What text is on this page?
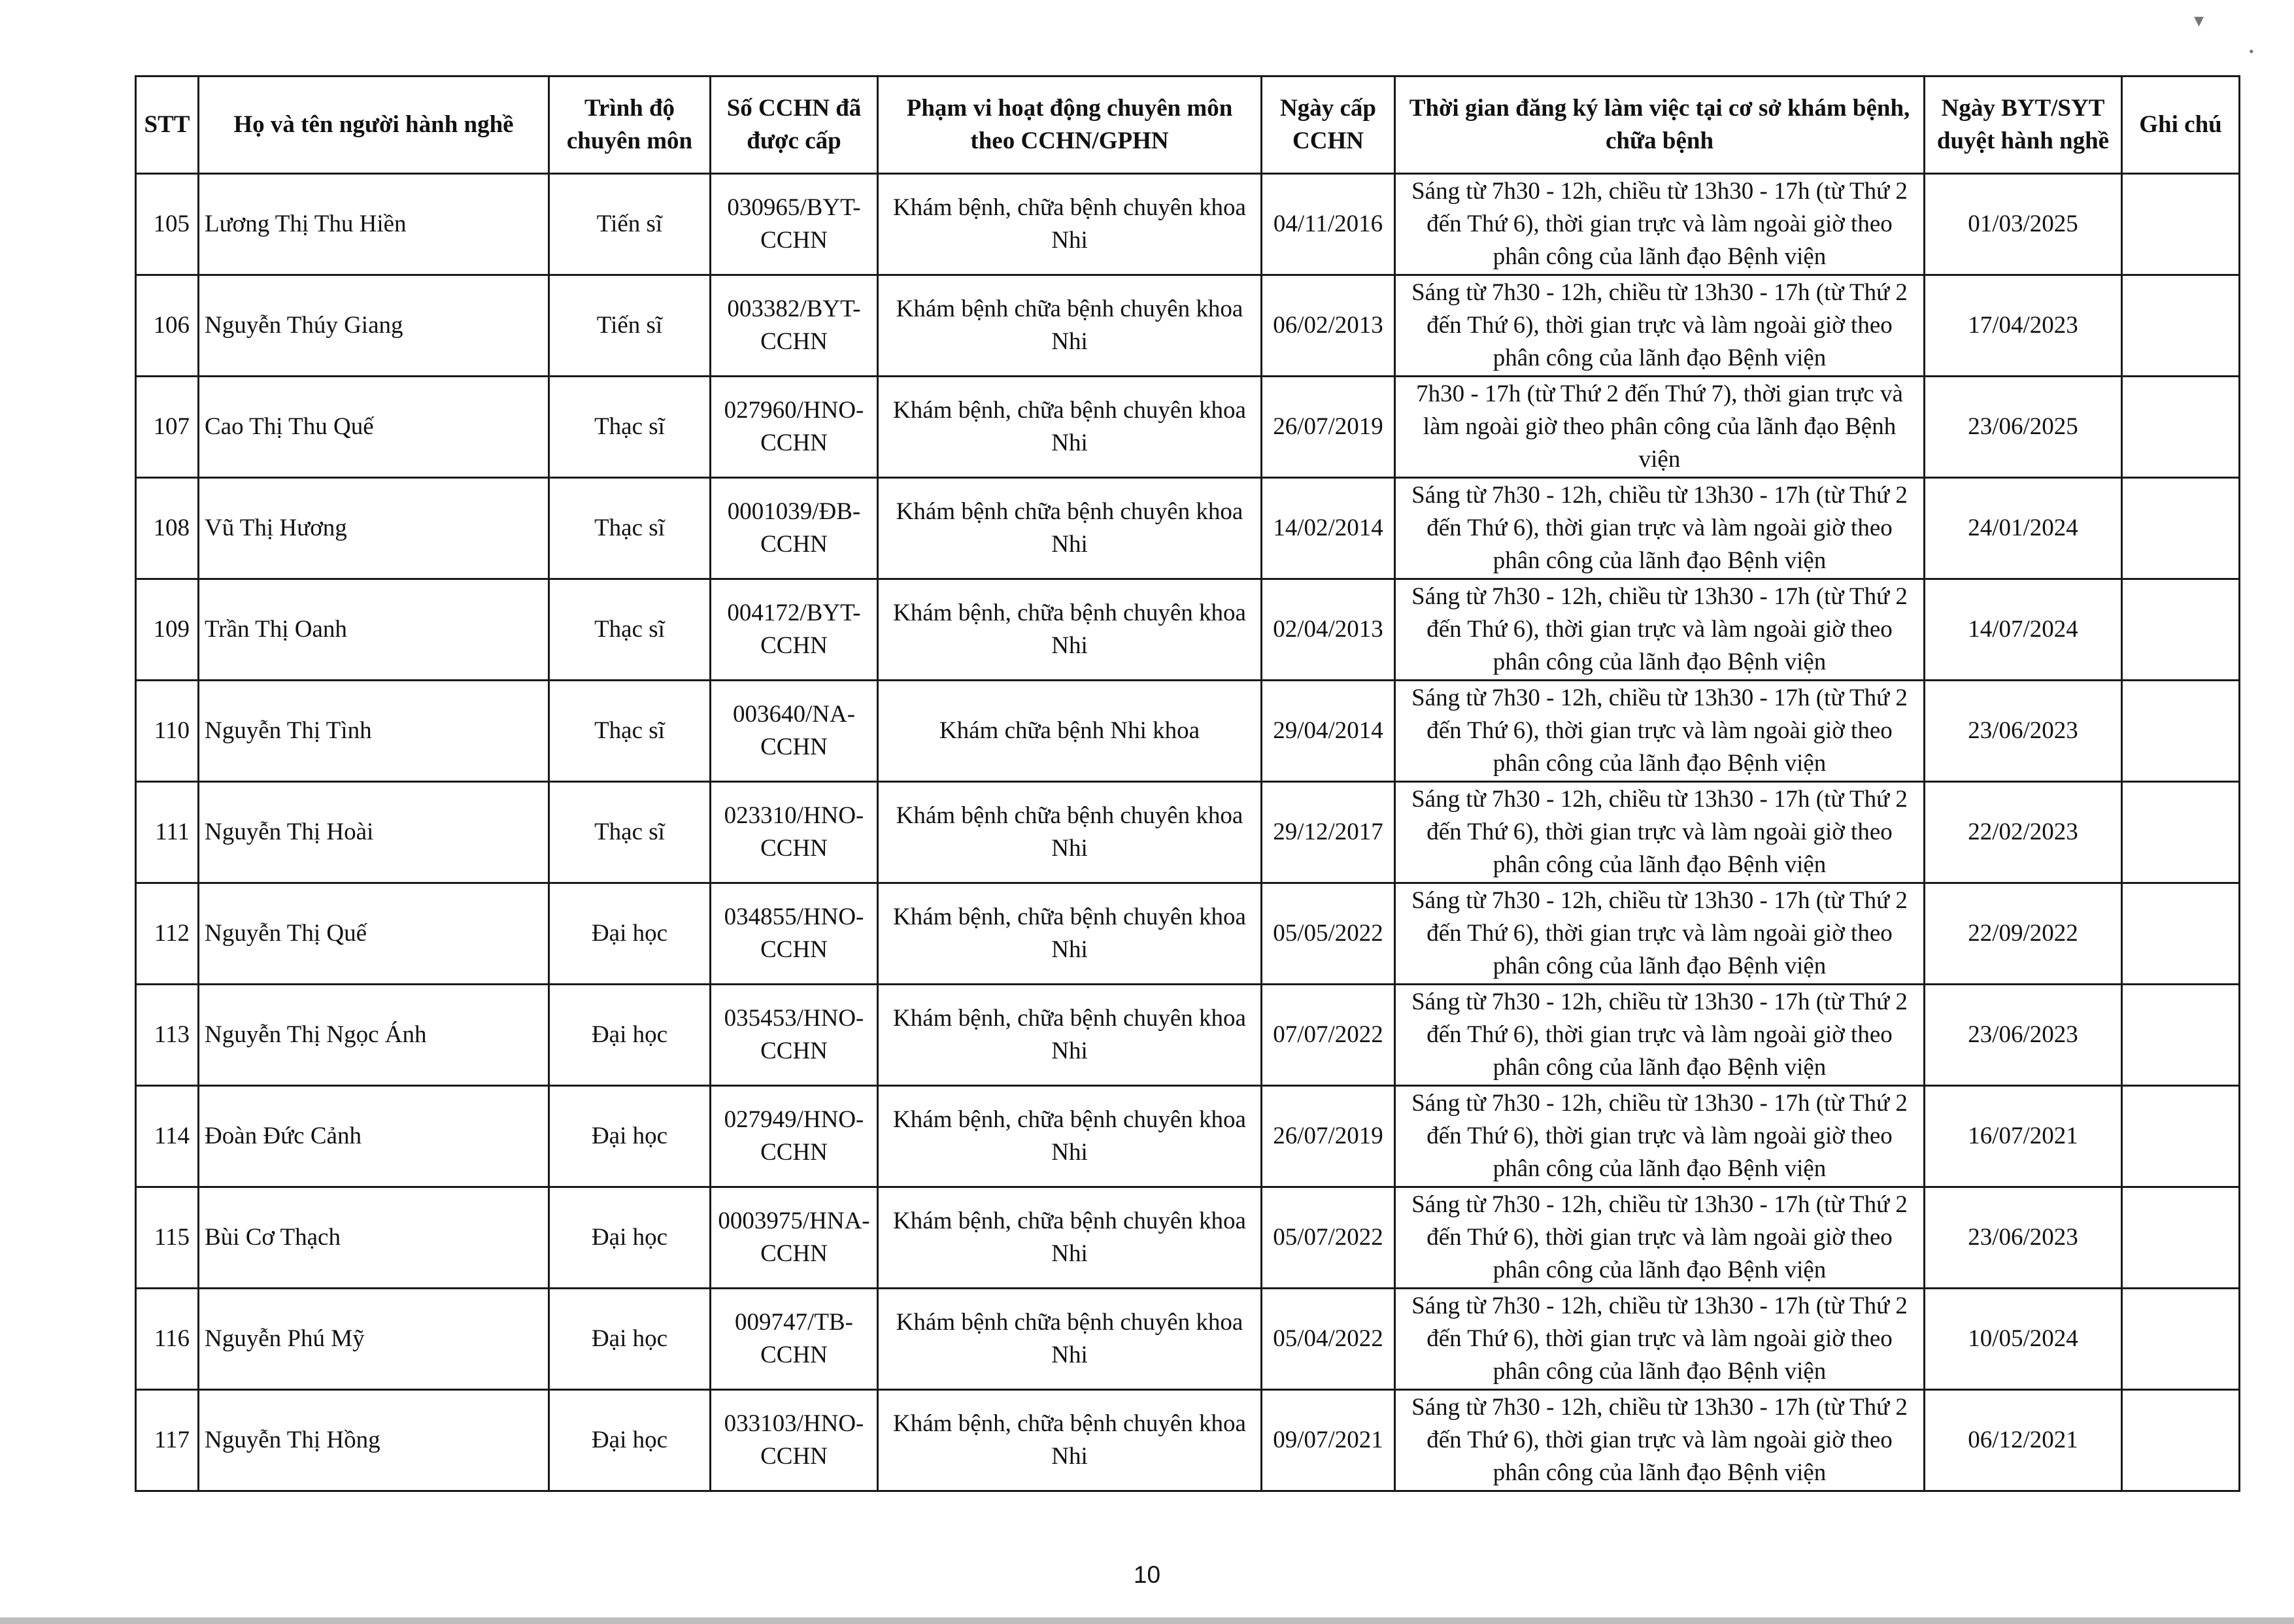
▾
•
STT	Họ và tên người hành nghề	Trình độ chuyên môn	Số CCHN đã được cấp	Phạm vi hoạt động chuyên môn theo CCHN/GPHN	Ngày cấp CCHN	Thời gian đăng ký làm việc tại cơ sở khám bệnh, chữa bệnh	Ngày BYT/SYT duyệt hành nghề	Ghi chú
105	Lương Thị Thu Hiền	Tiến sĩ	030965/BYT-CCHN	Khám bệnh, chữa bệnh chuyên khoa Nhi	04/11/2016	Sáng từ 7h30 - 12h, chiều từ 13h30 - 17h (từ Thứ 2 đến Thứ 6), thời gian trực và làm ngoài giờ theo phân công của lãnh đạo Bệnh viện	01/03/2025	
106	Nguyễn Thúy Giang	Tiến sĩ	003382/BYT-CCHN	Khám bệnh chữa bệnh chuyên khoa Nhi	06/02/2013	Sáng từ 7h30 - 12h, chiều từ 13h30 - 17h (từ Thứ 2 đến Thứ 6), thời gian trực và làm ngoài giờ theo phân công của lãnh đạo Bệnh viện	17/04/2023	
107	Cao Thị Thu Quế	Thạc sĩ	027960/HNO-CCHN	Khám bệnh, chữa bệnh chuyên khoa Nhi	26/07/2019	7h30 - 17h (từ Thứ 2 đến Thứ 7), thời gian trực và làm ngoài giờ theo phân công của lãnh đạo Bệnh viện	23/06/2025	
108	Vũ Thị Hương	Thạc sĩ	0001039/ĐB-CCHN	Khám bệnh chữa bệnh chuyên khoa Nhi	14/02/2014	Sáng từ 7h30 - 12h, chiều từ 13h30 - 17h (từ Thứ 2 đến Thứ 6), thời gian trực và làm ngoài giờ theo phân công của lãnh đạo Bệnh viện	24/01/2024	
109	Trần Thị Oanh	Thạc sĩ	004172/BYT-CCHN	Khám bệnh, chữa bệnh chuyên khoa Nhi	02/04/2013	Sáng từ 7h30 - 12h, chiều từ 13h30 - 17h (từ Thứ 2 đến Thứ 6), thời gian trực và làm ngoài giờ theo phân công của lãnh đạo Bệnh viện	14/07/2024	
110	Nguyễn Thị Tình	Thạc sĩ	003640/NA-CCHN	Khám chữa bệnh Nhi khoa	29/04/2014	Sáng từ 7h30 - 12h, chiều từ 13h30 - 17h (từ Thứ 2 đến Thứ 6), thời gian trực và làm ngoài giờ theo phân công của lãnh đạo Bệnh viện	23/06/2023	
111	Nguyễn Thị Hoài	Thạc sĩ	023310/HNO-CCHN	Khám bệnh chữa bệnh chuyên khoa Nhi	29/12/2017	Sáng từ 7h30 - 12h, chiều từ 13h30 - 17h (từ Thứ 2 đến Thứ 6), thời gian trực và làm ngoài giờ theo phân công của lãnh đạo Bệnh viện	22/02/2023	
112	Nguyễn Thị Quế	Đại học	034855/HNO-CCHN	Khám bệnh, chữa bệnh chuyên khoa Nhi	05/05/2022	Sáng từ 7h30 - 12h, chiều từ 13h30 - 17h (từ Thứ 2 đến Thứ 6), thời gian trực và làm ngoài giờ theo phân công của lãnh đạo Bệnh viện	22/09/2022	
113	Nguyễn Thị Ngọc Ánh	Đại học	035453/HNO-CCHN	Khám bệnh, chữa bệnh chuyên khoa Nhi	07/07/2022	Sáng từ 7h30 - 12h, chiều từ 13h30 - 17h (từ Thứ 2 đến Thứ 6), thời gian trực và làm ngoài giờ theo phân công của lãnh đạo Bệnh viện	23/06/2023	
114	Đoàn Đức Cảnh	Đại học	027949/HNO-CCHN	Khám bệnh, chữa bệnh chuyên khoa Nhi	26/07/2019	Sáng từ 7h30 - 12h, chiều từ 13h30 - 17h (từ Thứ 2 đến Thứ 6), thời gian trực và làm ngoài giờ theo phân công của lãnh đạo Bệnh viện	16/07/2021	
115	Bùi Cơ Thạch	Đại học	0003975/HNA-CCHN	Khám bệnh, chữa bệnh chuyên khoa Nhi	05/07/2022	Sáng từ 7h30 - 12h, chiều từ 13h30 - 17h (từ Thứ 2 đến Thứ 6), thời gian trực và làm ngoài giờ theo phân công của lãnh đạo Bệnh viện	23/06/2023	
116	Nguyễn Phú Mỹ	Đại học	009747/TB-CCHN	Khám bệnh chữa bệnh chuyên khoa Nhi	05/04/2022	Sáng từ 7h30 - 12h, chiều từ 13h30 - 17h (từ Thứ 2 đến Thứ 6), thời gian trực và làm ngoài giờ theo phân công của lãnh đạo Bệnh viện	10/05/2024	
117	Nguyễn Thị Hồng	Đại học	033103/HNO-CCHN	Khám bệnh, chữa bệnh chuyên khoa Nhi	09/07/2021	Sáng từ 7h30 - 12h, chiều từ 13h30 - 17h (từ Thứ 2 đến Thứ 6), thời gian trực và làm ngoài giờ theo phân công của lãnh đạo Bệnh viện	06/12/2021	
10
